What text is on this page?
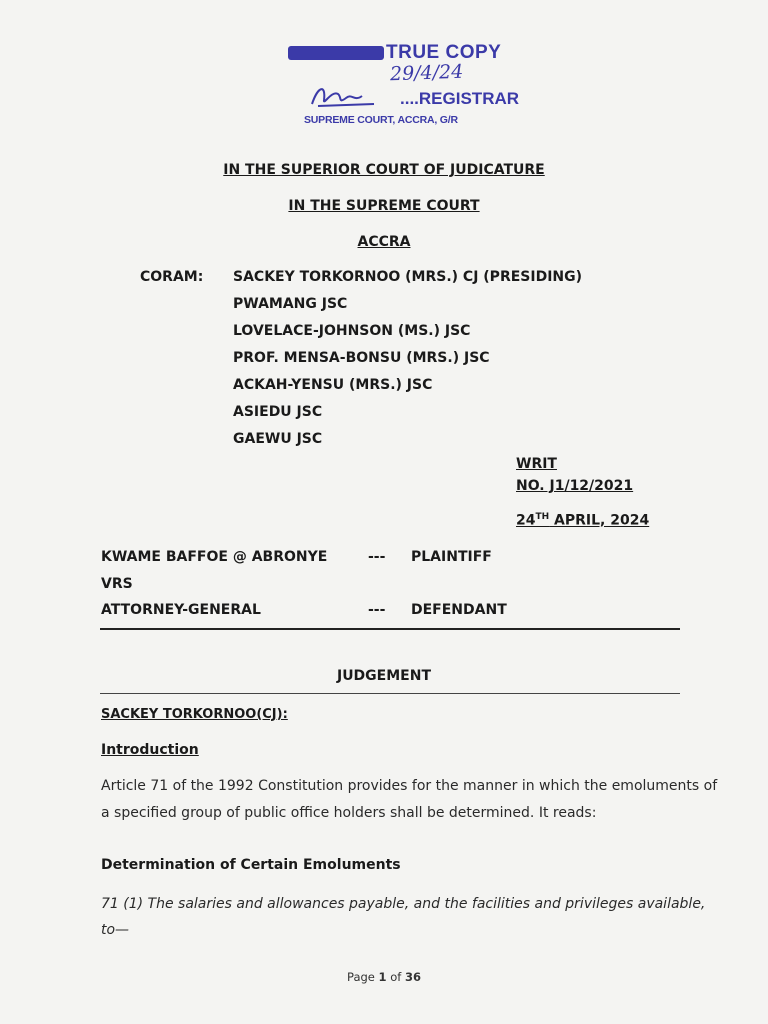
TRUE COPY
29/4/24
....REGISTRAR
SUPREME COURT, ACCRA, G/R
IN THE SUPERIOR COURT OF JUDICATURE
IN THE SUPREME COURT
ACCRA
CORAM: SACKEY TORKORNOO (MRS.) CJ (PRESIDING)
PWAMANG JSC
LOVELACE-JOHNSON (MS.) JSC
PROF. MENSA-BONSU (MRS.) JSC
ACKAH-YENSU (MRS.) JSC
ASIEDU JSC
GAEWU JSC
WRIT
NO. J1/12/2021
24TH APRIL, 2024
KWAME BAFFOE @ ABRONYE	--- PLAINTIFF
VRS
ATTORNEY-GENERAL	--- DEFENDANT
JUDGEMENT
SACKEY TORKORNOO(CJ):
Introduction
Article 71 of the 1992 Constitution provides for the manner in which the emoluments of
a specified group of public office holders shall be determined. It reads:
Determination of Certain Emoluments
71 (1) The salaries and allowances payable, and the facilities and privileges available,
to—
Page 1 of 36
